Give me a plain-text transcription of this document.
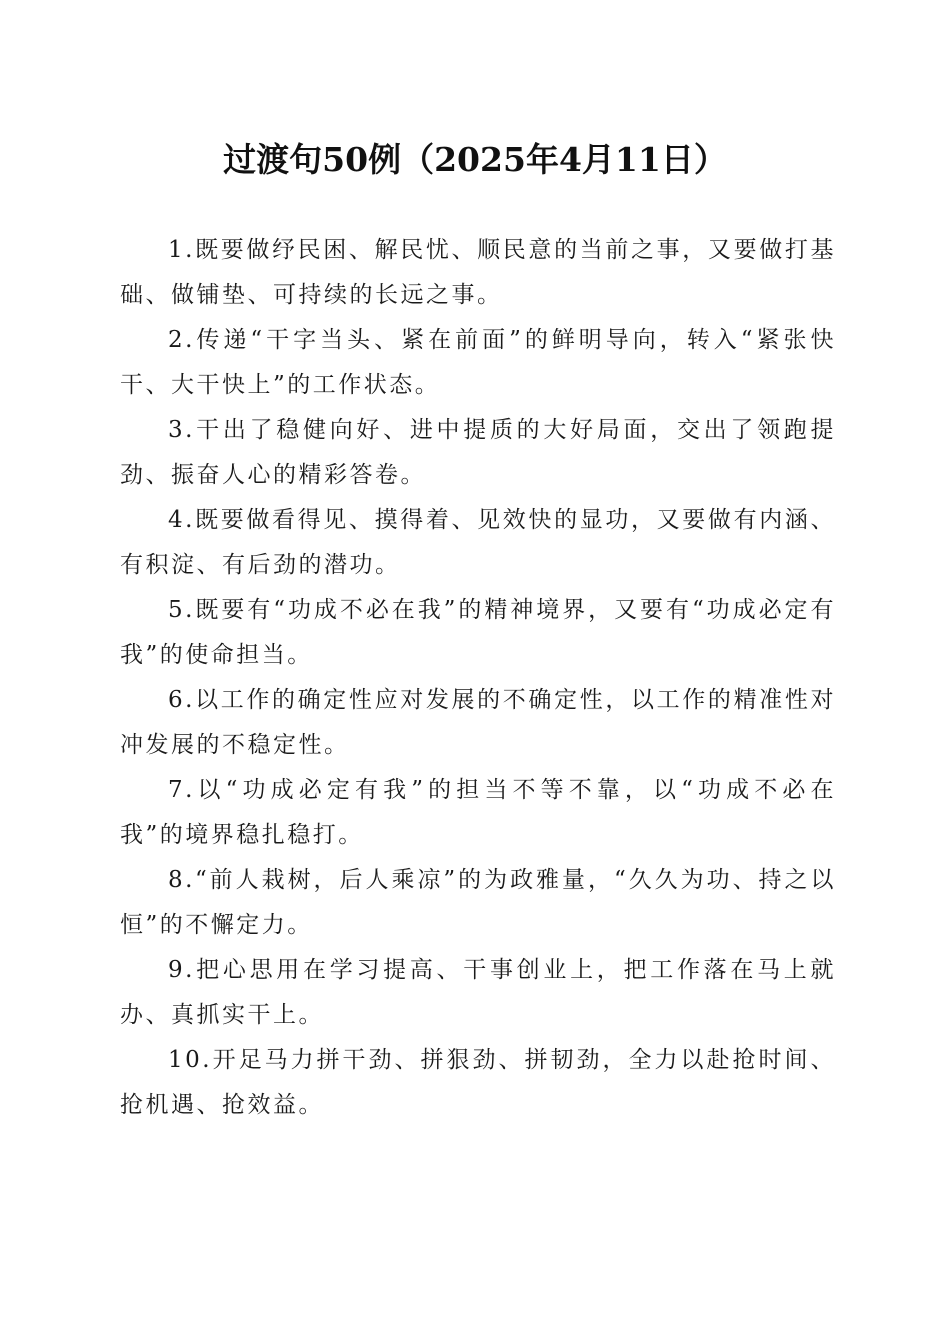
过渡句50例（2025年4月11日）

1.既要做纾民困、解民忧、顺民意的当前之事，又要做打基础、做铺垫、可持续的长远之事。

2.传递“干字当头、紧在前面”的鲜明导向，转入“紧张快干、大干快上”的工作状态。

3.干出了稳健向好、进中提质的大好局面，交出了领跑提劲、振奋人心的精彩答卷。

4.既要做看得见、摸得着、见效快的显功，又要做有内涵、有积淀、有后劲的潜功。

5.既要有“功成不必在我”的精神境界，又要有“功成必定有我”的使命担当。

6.以工作的确定性应对发展的不确定性，以工作的精准性对冲发展的不稳定性。

7.以“功成必定有我”的担当不等不靠，以“功成不必在我”的境界稳扎稳打。

8.“前人栽树，后人乘凉”的为政雅量，“久久为功、持之以恒”的不懈定力。

9.把心思用在学习提高、干事创业上，把工作落在马上就办、真抓实干上。

10.开足马力拼干劲、拼狠劲、拼韧劲，全力以赴抢时间、抢机遇、抢效益。
